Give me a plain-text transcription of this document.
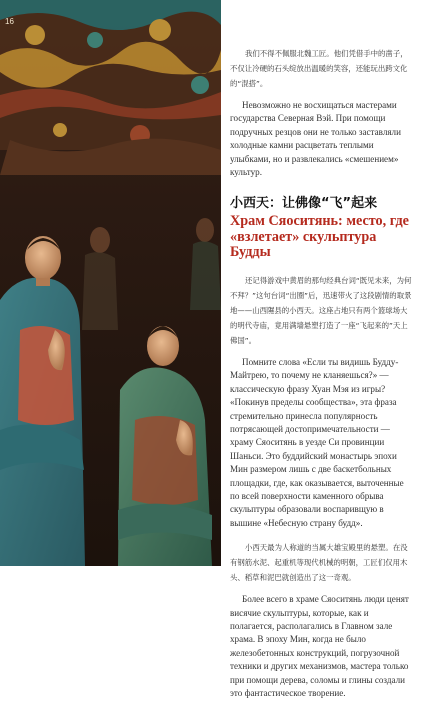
16

我们不得不佩服北魏工匠。他们凭借手中的凿子，不仅让冷硬的石头绽放出温暖的笑容，还能玩出跨文化的“混搭”。

Невозможно не восхищаться мастерами государства Северная Вэй. При помощи подручных резцов они не только заставляли холодные камни расцветать теплыми улыбками, но и развлекались «смешением» культур.

小西天：让佛像“飞”起来
Храм Сяоситянь: место, где «взлетает» скульптура Будды

还记得游戏中黄眉的那句经典台词“既见未来，为何不拜？”这句台词“出圈”后，迅速带火了这段剧情的取景地——山西隰县的小西天。这座占地只有两个篮球场大的明代寺庙，竟用满墙悬塑打造了一座“飞起来的”天上佛国”。

Помните слова «Если ты видишь Будду-Майтрею, то почему не кланяешься?» — классическую фразу Хуан Мэя из игры? «Покинув пределы сообщества», эта фраза стремительно принесла популярность потрясающей достопримечательности — храму Сяоситянь в уезде Си провинции Шаньси. Это буддийский монастырь эпохи Мин размером лишь с две баскетбольных площадки, где, как оказывается, выточенные по всей поверхности каменного обрыва скульптуры образовали воспаривщую в вышине «Небесную страну будд».

小西天最为人称道的当属大雄宝殿里的悬塑。在没有钢筋水泥、起重机等现代机械的明朝，工匠们仅用木头、稻草和泥巴就创造出了这一奇观。

Более всего в храме Сяоситянь люди ценят висячие скульптуры, которые, как и полагается, располагались в Главном зале храма. В эпоху Мин, когда не было железобетонных конструкций, погрузочной техники и других механизмов, мастера только при помощи дерева, соломы и глины создали это фантастическое творение.
